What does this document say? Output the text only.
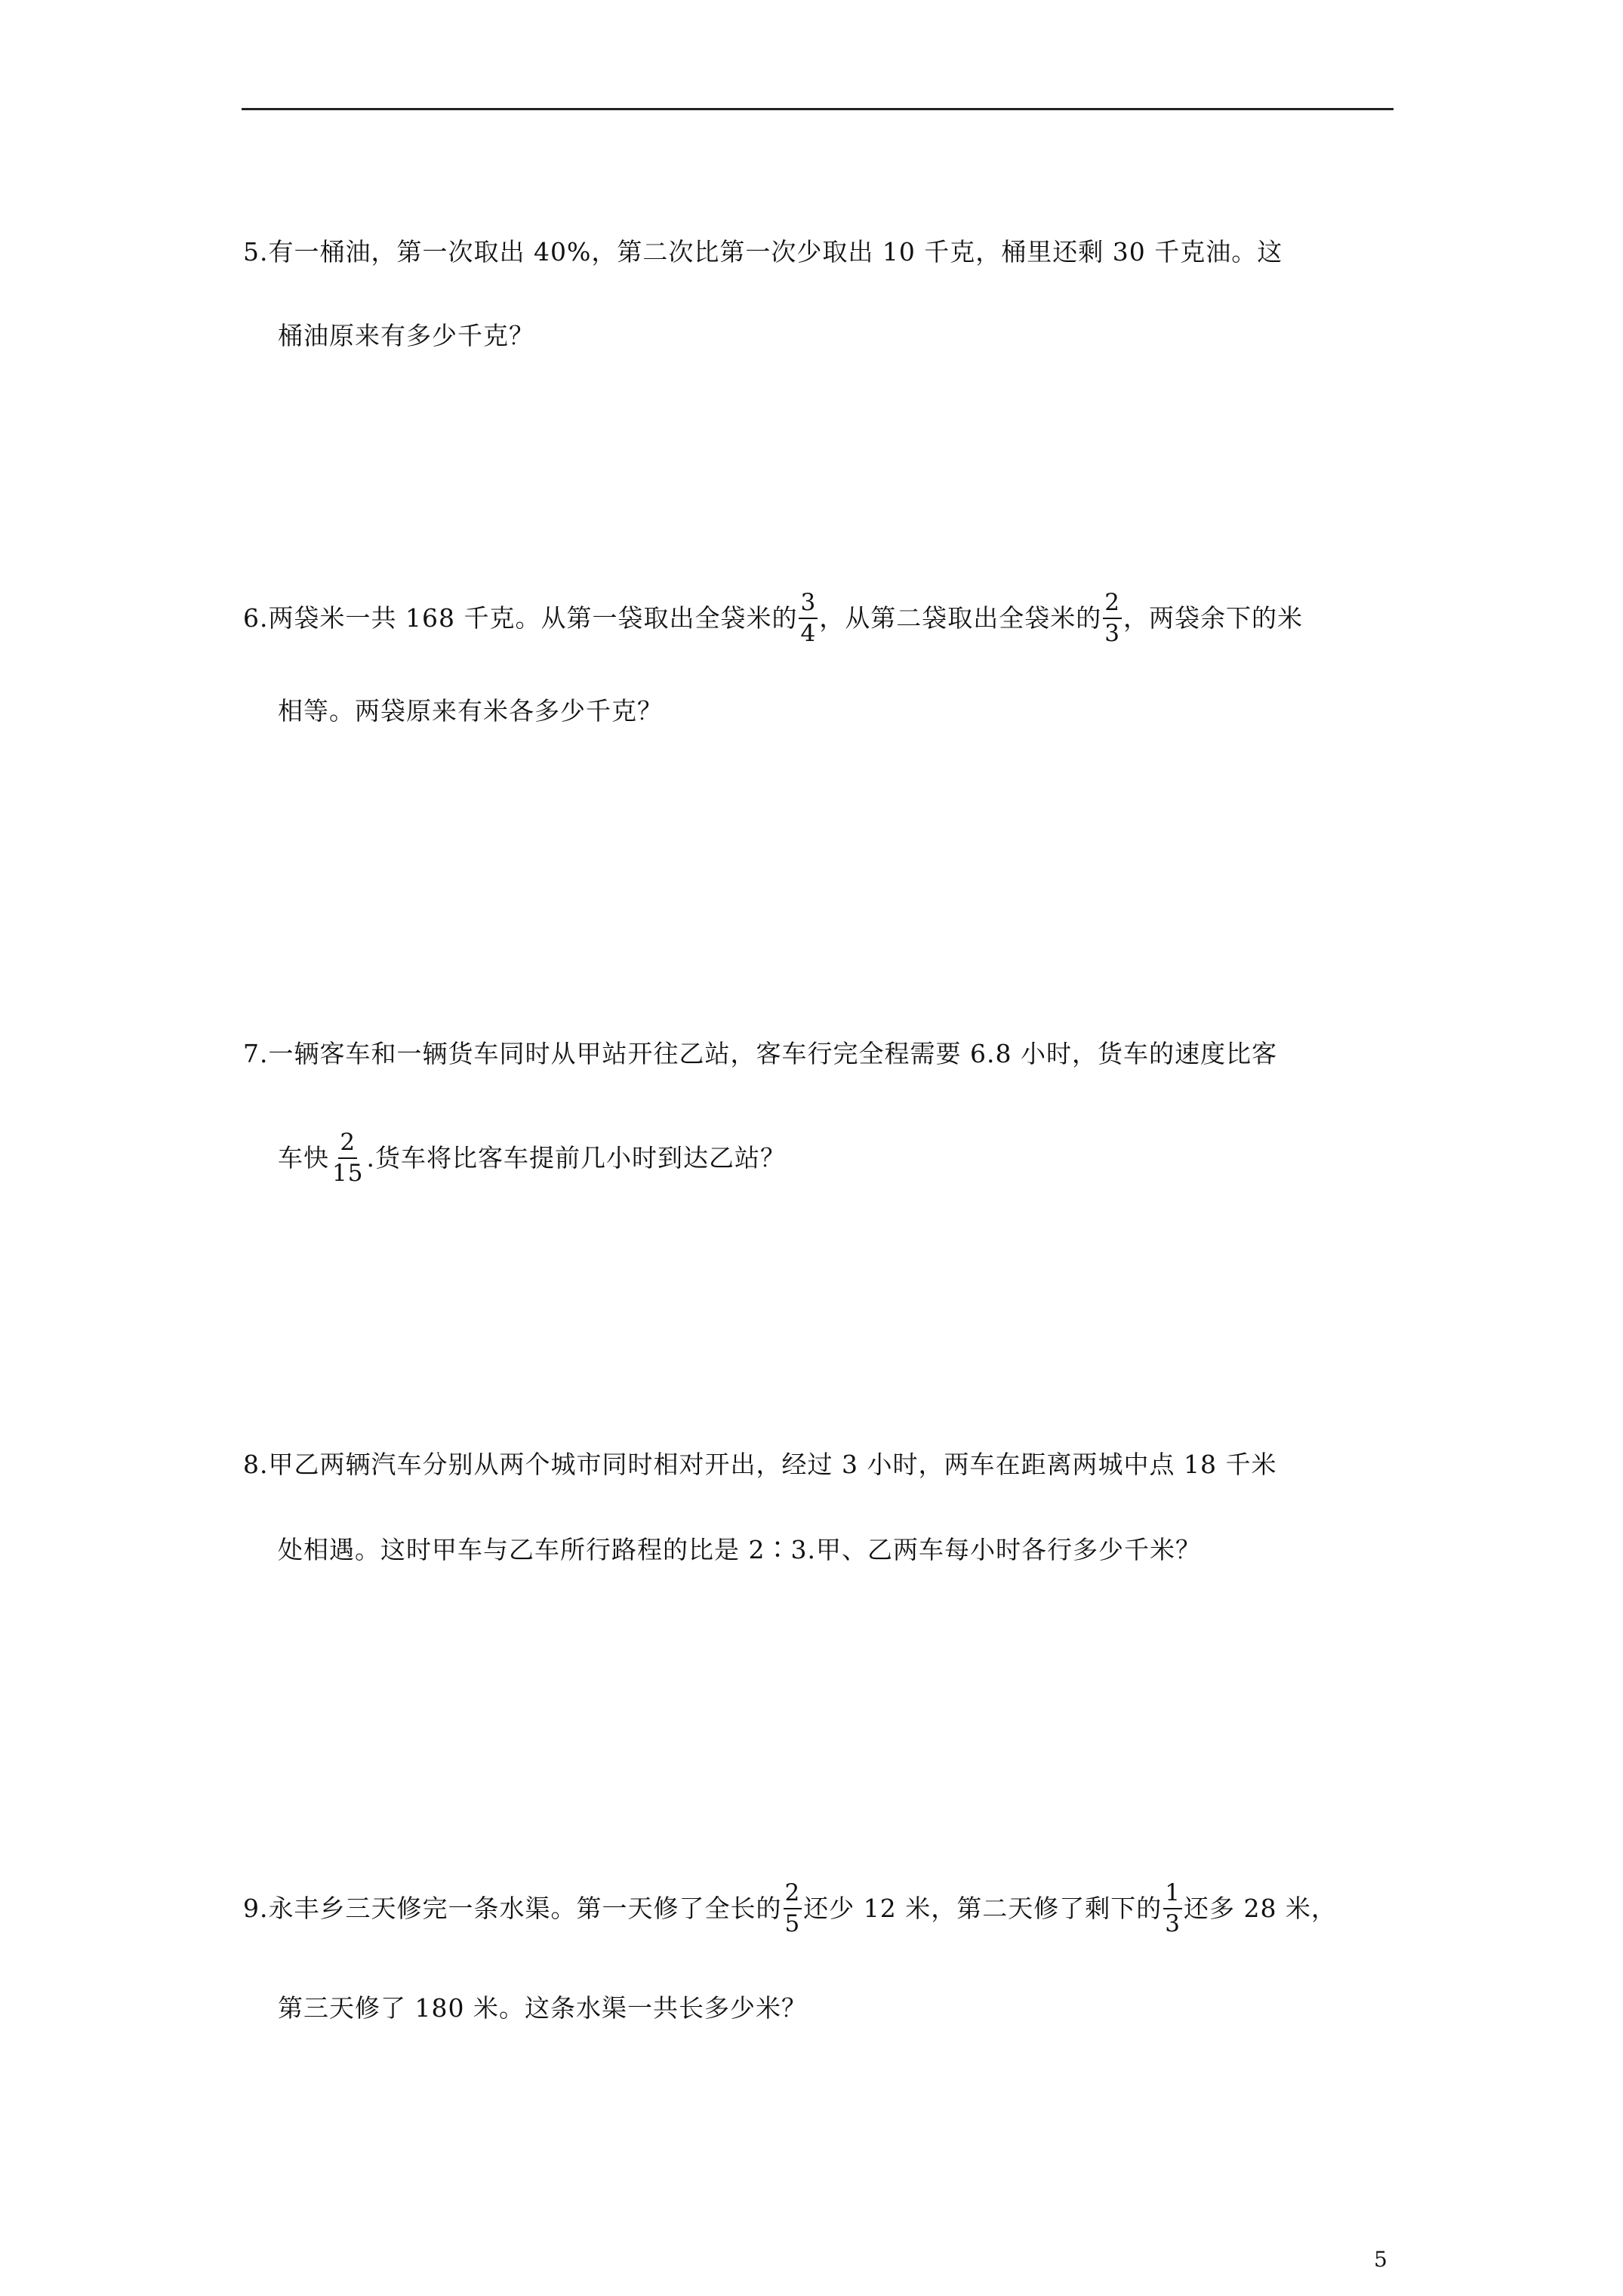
5.有一桶油，第一次取出 40%，第二次比第一次少取出 10 千克，桶里还剩 30 千克油。这
桶油原来有多少千克？
6.两袋米一共 168 千克。从第一袋取出全袋米的 $\frac{3}{4}$ ，从第二袋取出全袋米的 $\frac{2}{3}$ ，两袋余下的米
相等。两袋原来有米各多少千克？
7.一辆客车和一辆货车同时从甲站开往乙站，客车行完全程需要 6.8 小时，货车的速度比客
车快 $\frac{2}{15}$ .货车将比客车提前几小时到达乙站？
8.甲乙两辆汽车分别从两个城市同时相对开出，经过 3 小时，两车在距离两城中点 18 千米
处相遇。这时甲车与乙车所行路程的比是 2∶3.甲、乙两车每小时各行多少千米？
9.永丰乡三天修完一条水渠。第一天修了全长的 $\frac{2}{5}$ 还少 12 米，第二天修了剩下的 $\frac{1}{3}$ 还多 28 米，
第三天修了 180 米。这条水渠一共长多少米？
5
